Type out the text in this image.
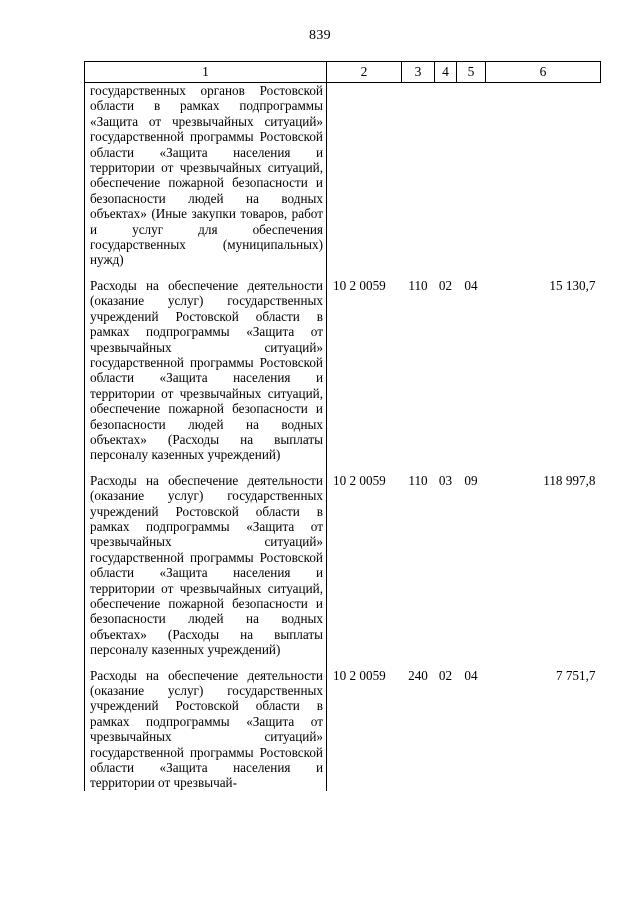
839
1	2	3	4	5	6
государственных органов Ростовской области в рамках подпрограммы «Защита от чрезвычайных ситуаций» государственной программы Ростовской области «Защита населения и территории от чрезвычайных ситуаций, обеспечение пожарной безопасности и безопасности людей на водных объектах» (Иные закупки товаров, работ и услуг для обеспечения государственных (муниципальных) нужд)					

Расходы на обеспечение деятельности (оказание услуг) государственных учреждений Ростовской области в рамках подпрограммы «Защита от чрезвычайных ситуаций» государственной программы Ростовской области «Защита населения и территории от чрезвычайных ситуаций, обеспечение пожарной безопасности и безопасности людей на водных объектах» (Расходы на выплаты персоналу казенных учреждений)	10 2 0059	110	02	04	15 130,7

Расходы на обеспечение деятельности (оказание услуг) государственных учреждений Ростовской области в рамках подпрограммы «Защита от чрезвычайных ситуаций» государственной программы Ростовской области «Защита населения и территории от чрезвычайных ситуаций, обеспечение пожарной безопасности и безопасности людей на водных объектах» (Расходы на выплаты персоналу казенных учреждений)	10 2 0059	110	03	09	118 997,8

Расходы на обеспечение деятельности (оказание услуг) государственных учреждений Ростовской области в рамках подпрограммы «Защита от чрезвычайных ситуаций» государственной программы Ростовской области «Защита населения и территории от чрезвычай-	10 2 0059	240	02	04	7 751,7
